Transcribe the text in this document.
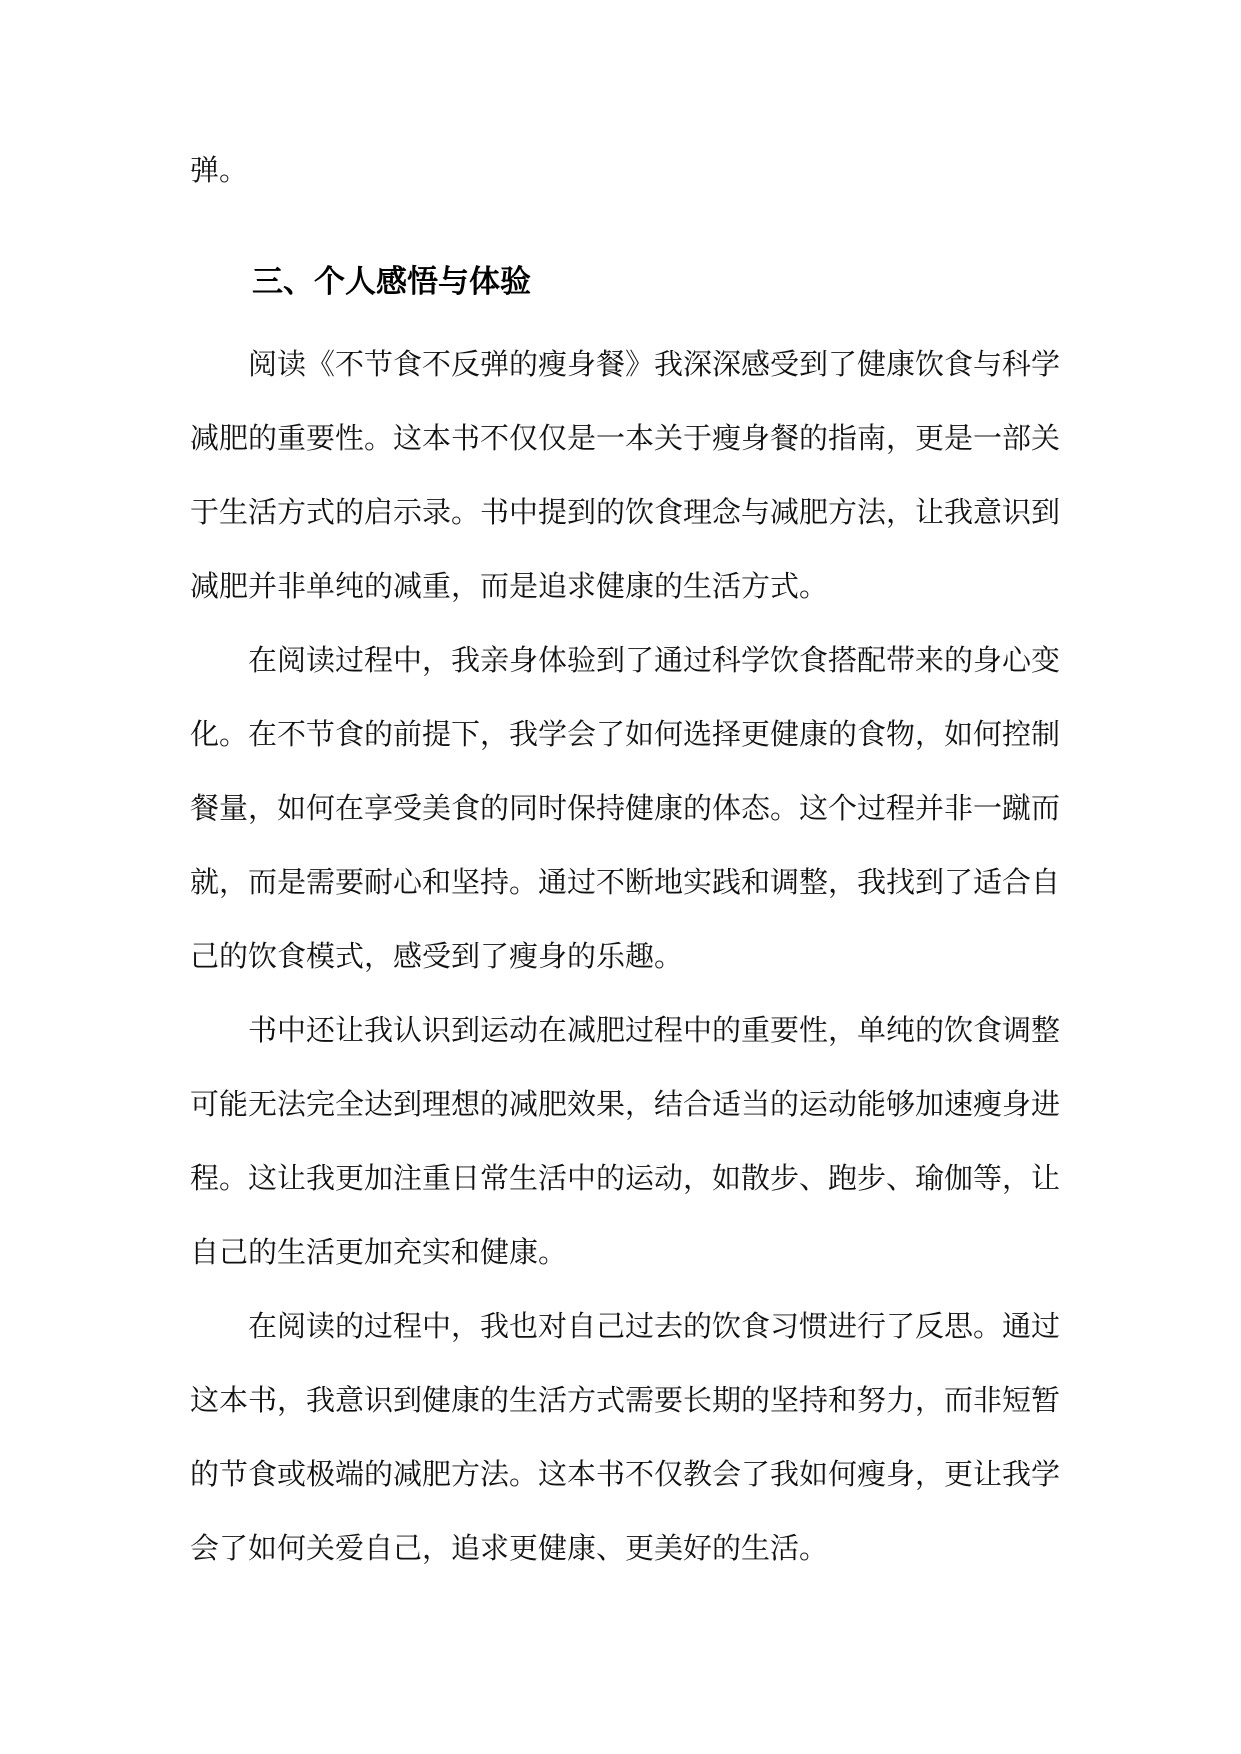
弹。
三、个人感悟与体验
阅读《不节食不反弹的瘦身餐》我深深感受到了健康饮食与科学
减肥的重要性。这本书不仅仅是一本关于瘦身餐的指南，更是一部关
于生活方式的启示录。书中提到的饮食理念与减肥方法，让我意识到
减肥并非单纯的减重，而是追求健康的生活方式。
在阅读过程中，我亲身体验到了通过科学饮食搭配带来的身心变
化。在不节食的前提下，我学会了如何选择更健康的食物，如何控制
餐量，如何在享受美食的同时保持健康的体态。这个过程并非一蹴而
就，而是需要耐心和坚持。通过不断地实践和调整，我找到了适合自
己的饮食模式，感受到了瘦身的乐趣。
书中还让我认识到运动在减肥过程中的重要性，单纯的饮食调整
可能无法完全达到理想的减肥效果，结合适当的运动能够加速瘦身进
程。这让我更加注重日常生活中的运动，如散步、跑步、瑜伽等，让
自己的生活更加充实和健康。
在阅读的过程中，我也对自己过去的饮食习惯进行了反思。通过
这本书，我意识到健康的生活方式需要长期的坚持和努力，而非短暂
的节食或极端的减肥方法。这本书不仅教会了我如何瘦身，更让我学
会了如何关爱自己，追求更健康、更美好的生活。
